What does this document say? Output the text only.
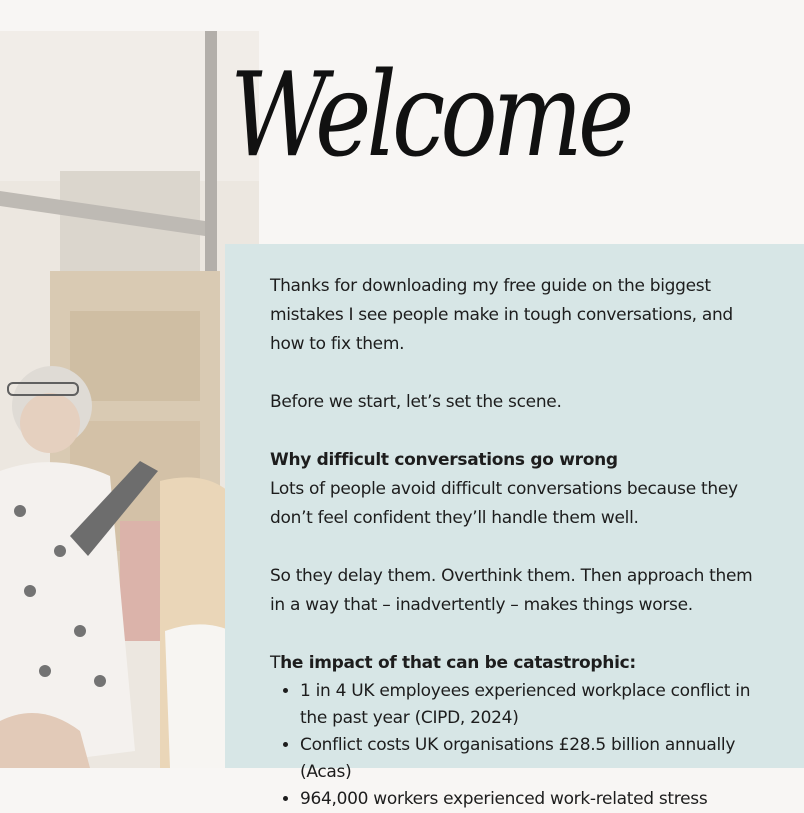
Welcome

Thanks for downloading my free guide on the biggest mistakes I see people make in tough conversations, and how to fix them.

Before we start, let’s set the scene.

Why difficult conversations go wrong

Lots of people avoid difficult conversations because they don’t feel confident they’ll handle them well.

So they delay them. Overthink them. Then approach them in a way that – inadvertently – makes things worse.

The impact of that can be catastrophic:

• 1 in 4 UK employees experienced workplace conflict in the past year (CIPD, 2024)
• Conflict costs UK organisations £28.5 billion annually (Acas)
• 964,000 workers experienced work-related stress
